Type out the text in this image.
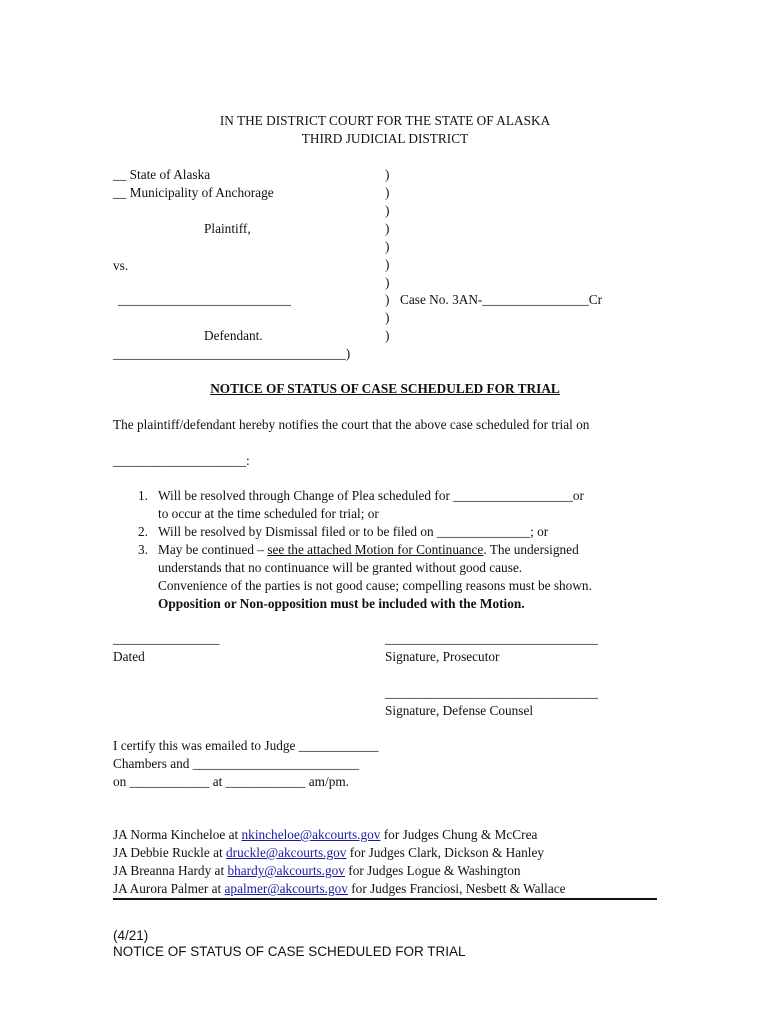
IN THE DISTRICT COURT FOR THE STATE OF ALASKA
THIRD JUDICIAL DISTRICT
__ State of Alaska
__ Municipality of Anchorage
Plaintiff,
vs.
__________________________
Defendant.
___________________________________)
)
)
)
)
)
)
)
)
)
)
Case No. 3AN-________________Cr
NOTICE OF STATUS OF CASE SCHEDULED FOR TRIAL
The plaintiff/defendant hereby notifies the court that the above case scheduled for trial on
____________________:
1. Will be resolved through Change of Plea scheduled for __________________or
to occur at the time scheduled for trial; or
2. Will be resolved by Dismissal filed or to be filed on ______________; or
3. May be continued – see the attached Motion for Continuance. The undersigned
understands that no continuance will be granted without good cause.
Convenience of the parties is not good cause; compelling reasons must be shown.
Opposition or Non-opposition must be included with the Motion.
________________
Dated
________________________________
Signature, Prosecutor
________________________________
Signature, Defense Counsel
I certify this was emailed to Judge ____________
Chambers and _________________________
on ____________ at ____________ am/pm.
JA Norma Kincheloe at nkincheloe@akcourts.gov for Judges Chung & McCrea
JA Debbie Ruckle at druckle@akcourts.gov for Judges Clark, Dickson & Hanley
JA Breanna Hardy at bhardy@akcourts.gov for Judges Logue & Washington
JA Aurora Palmer at apalmer@akcourts.gov for Judges Franciosi, Nesbett & Wallace
(4/21)
NOTICE OF STATUS OF CASE SCHEDULED FOR TRIAL
